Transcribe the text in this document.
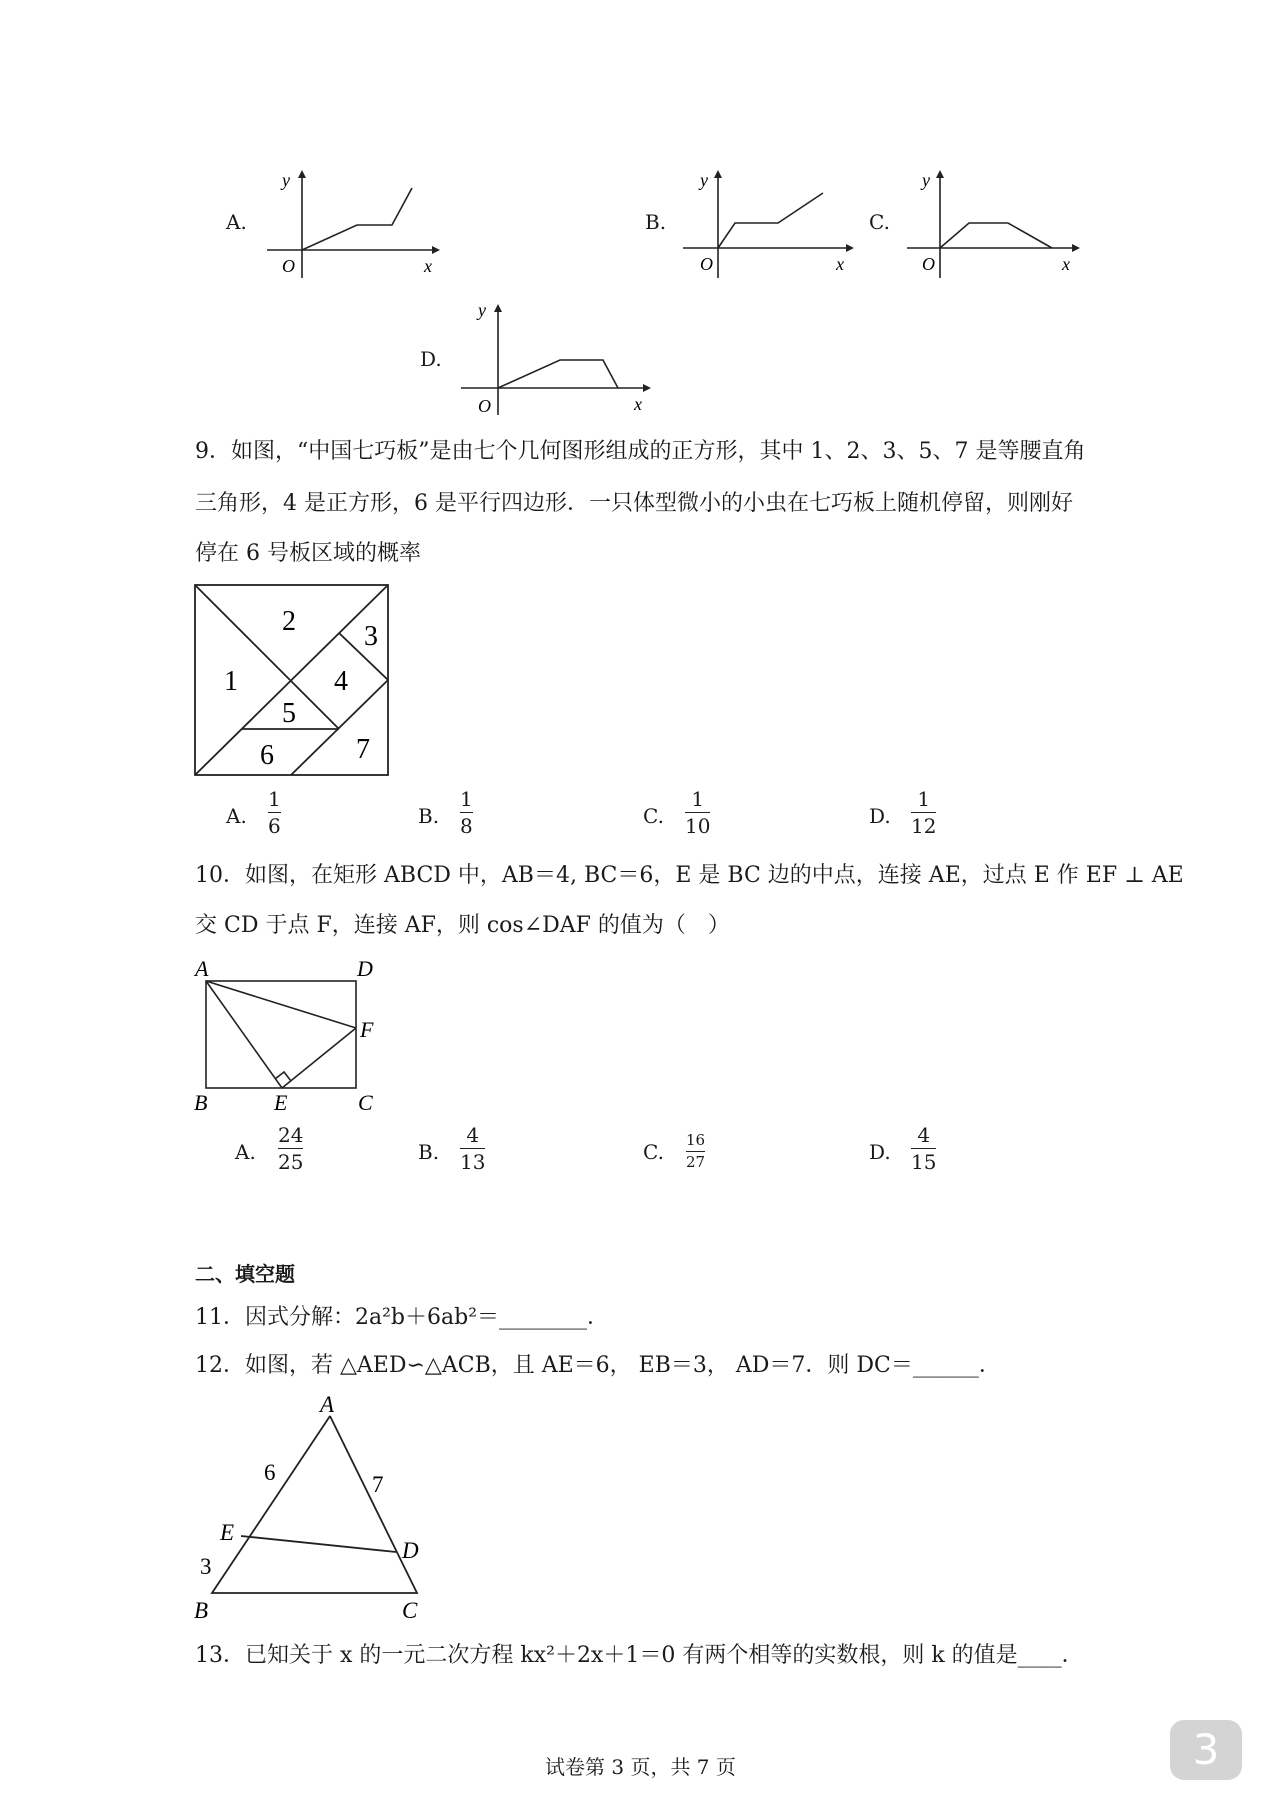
A.
y
O	x
B.
y
O	x
C.
y
O	x
D.
y
O	x
9．如图，“中国七巧板”是由七个几何图形组成的正方形，其中 1、2、3、5、7 是等腰直角
三角形，4 是正方形，6 是平行四边形．一只体型微小的小虫在七巧板上随机停留，则刚好
停在 6 号板区域的概率
2 3
1	4
5
6	7
A.
1
6	B.
1
8	C.
1
10	D.
1
12
10．如图，在矩形 ABCD 中，AB＝4, BC＝6，E 是 BC 边的中点，连接 AE，过点 E 作 EF ⊥ AE
交 CD 于点 F，连接 AF，则 cos∠DAF 的值为（　）
A	D
F
B	E	C
A.
24
25	B.
4
13	C. 16
27	D.
4
15
二、填空题
11．因式分解：2a²b＋6ab²＝________．
12．如图，若 △AED∽△ACB，且 AE＝6， EB＝3， AD＝7．则 DC＝______．
A
E
D
B	C
6	7
3
13．已知关于 x 的一元二次方程 kx²＋2x＋1＝0 有两个相等的实数根，则 k 的值是____．
试卷第 3 页，共 7 页	3
